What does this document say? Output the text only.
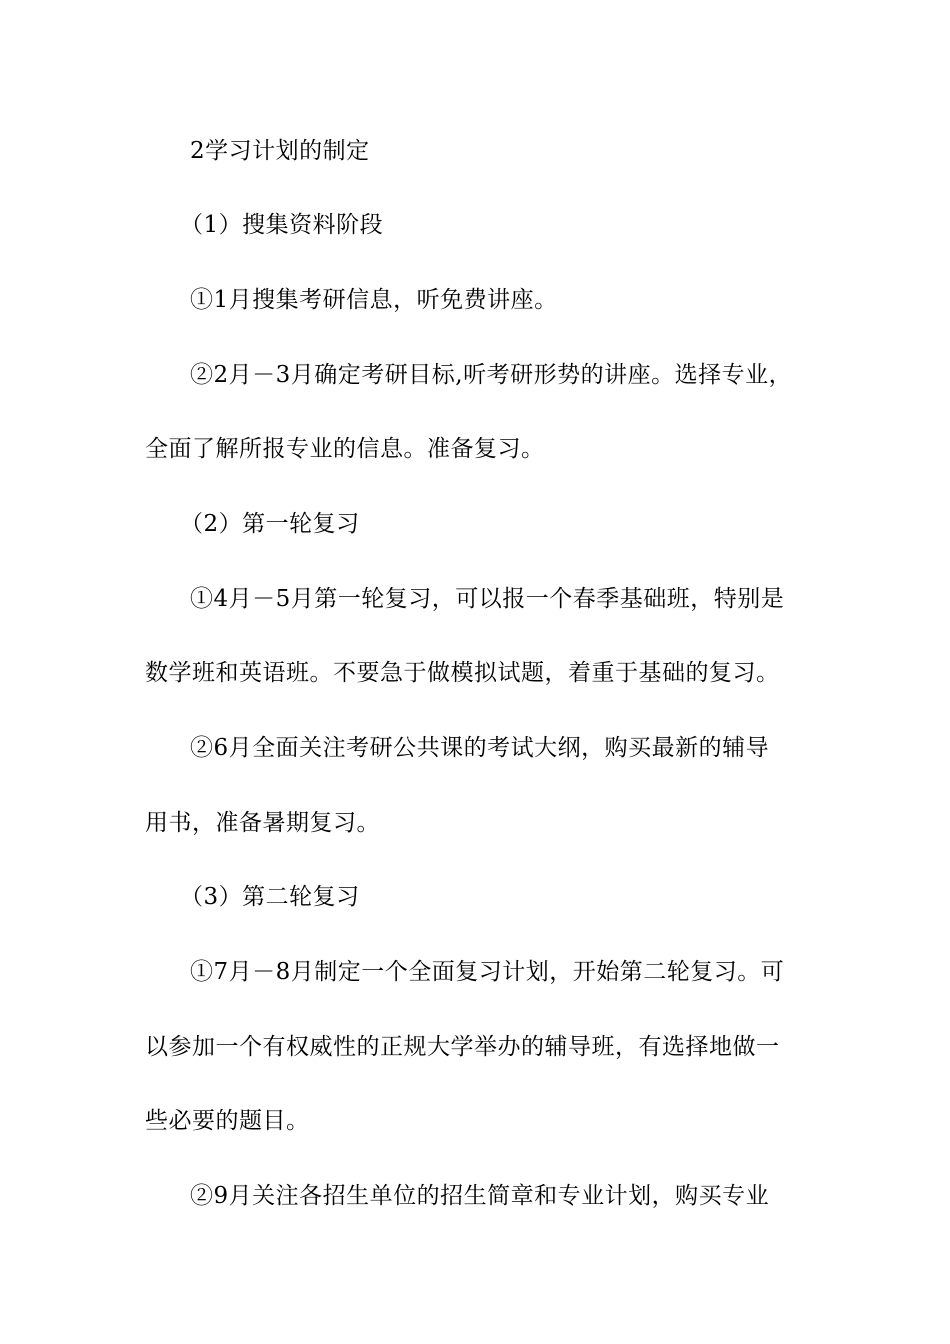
2学习计划的制定
（1）搜集资料阶段
①1月搜集考研信息，听免费讲座。
②2月－3月确定考研目标,听考研形势的讲座。选择专业，
全面了解所报专业的信息。准备复习。
（2）第一轮复习
①4月－5月第一轮复习，可以报一个春季基础班，特别是
数学班和英语班。不要急于做模拟试题，着重于基础的复习。
②6月全面关注考研公共课的考试大纲，购买最新的辅导
用书，准备暑期复习。
（3）第二轮复习
①7月－8月制定一个全面复习计划，开始第二轮复习。可
以参加一个有权威性的正规大学举办的辅导班，有选择地做一
些必要的题目。
②9月关注各招生单位的招生简章和专业计划，购买专业
